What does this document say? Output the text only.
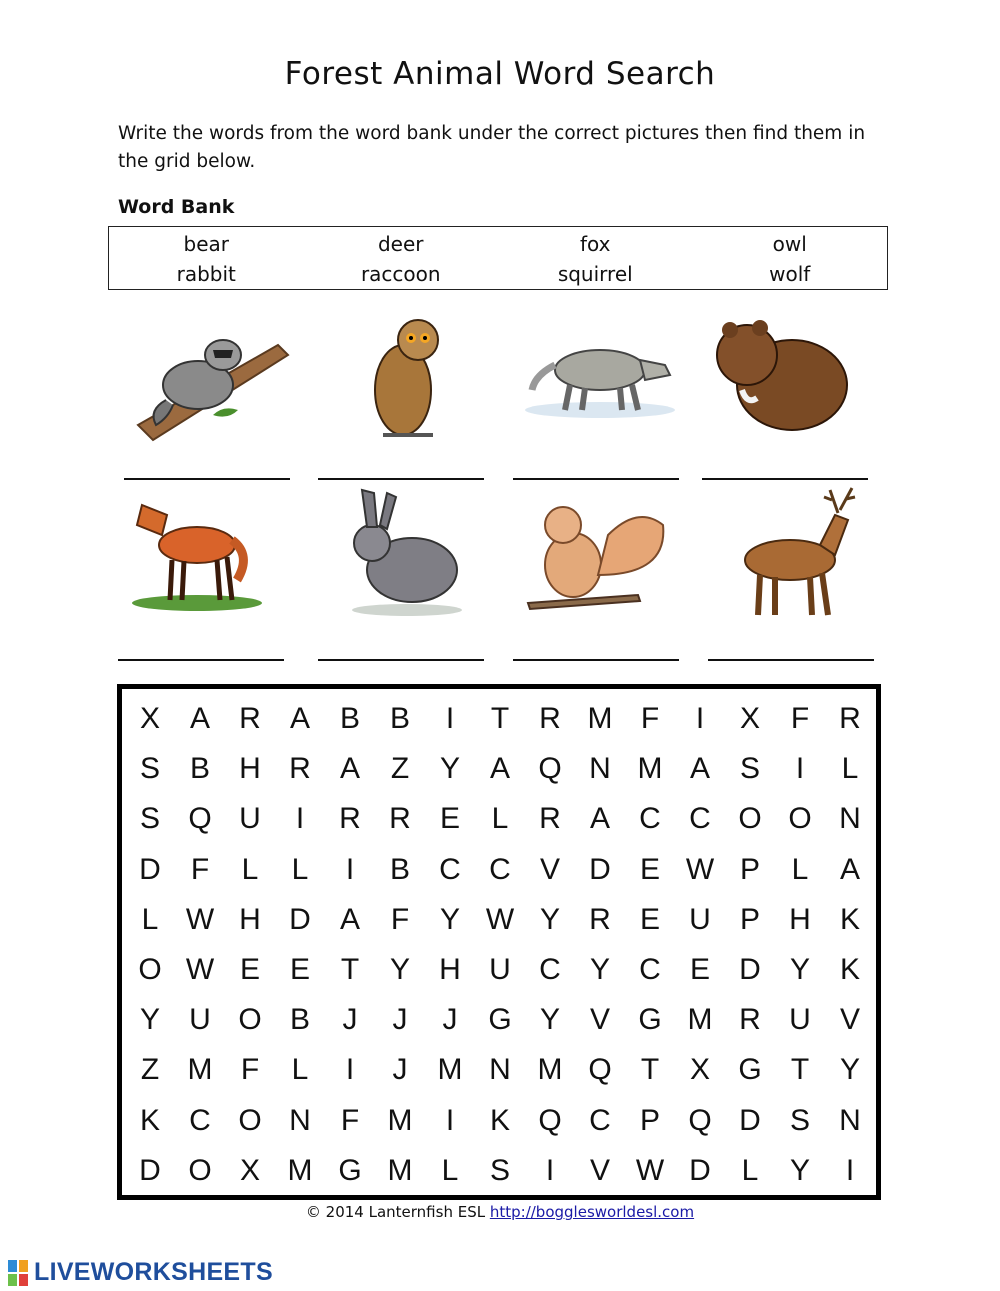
Forest Animal Word Search
Write the words from the word bank under the correct pictures then find them in the grid below.
Word Bank
bear	deer	fox	owl
rabbit	raccoon	squirrel	wolf
X A R A B B	I	T	R M F	I	X	F	R
S B H R A	Z	Y A Q N M A S	I	L
S Q U	I	R R E	L	R A C C O O N
D	F	L	L	I	B C C V D E W P	L	A
L W H D A	F	Y W Y R E U P H K
O W E E	T	Y H U C Y C E D Y K
Y U O B	J	J	J	G Y V G M R U V
Z M F	L	I	J	M N M Q T	X G T	Y
K C O N	F M	I	K Q C P Q D S N
D O X M G M L	S	I	V W D	L	Y	I
© 2014 Lanternfish ESL http://bogglesworldesl.com
LIVEWORKSHEETS
